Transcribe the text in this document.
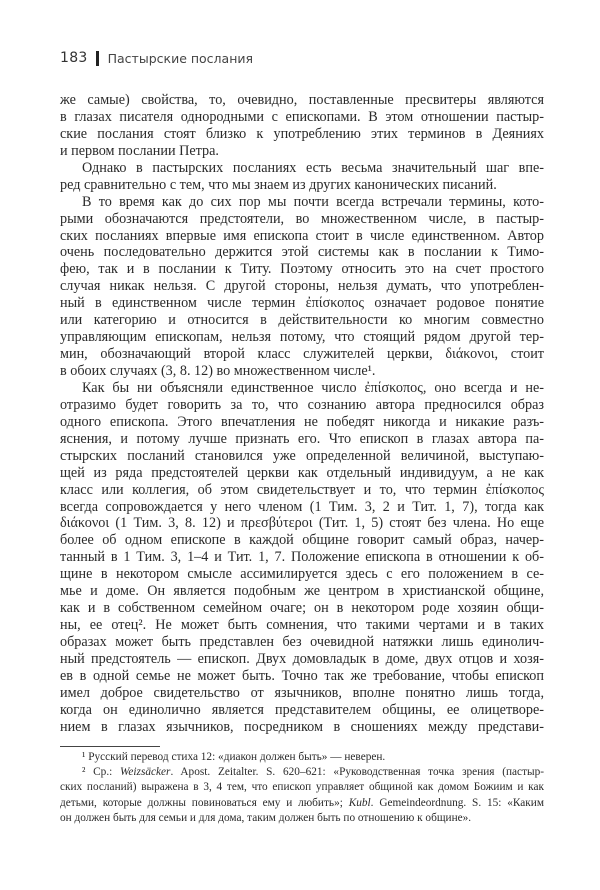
183 Пастырские послания
же самые) свойства, то, очевидно, поставленные пресвитеры являются
в глазах писателя однородными с епископами. В этом отношении пастыр-
ские послания стоят близко к употреблению этих терминов в Деяниях
и первом послании Петра.
Однако в пастырских посланиях есть весьма значительный шаг впе-
ред сравнительно с тем, что мы знаем из других канонических писаний.
В то время как до сих пор мы почти всегда встречали термины, кото-
рыми обозначаются предстоятели, во множественном числе, в пастыр-
ских посланиях впервые имя епископа стоит в числе единственном. Автор
очень последовательно держится этой системы как в послании к Тимо-
фею, так и в послании к Титу. Поэтому относить это на счет простого
случая никак нельзя. С другой стороны, нельзя думать, что употреблен-
ный в единственном числе термин ἐπίσκοπος означает родовое понятие
или категорию и относится в действительности ко многим совместно
управляющим епископам, нельзя потому, что стоящий рядом другой тер-
мин, обозначающий второй класс служителей церкви, διάκονοι, стоит
в обоих случаях (3, 8. 12) во множественном числе¹.
Как бы ни объясняли единственное число ἐπίσκοπος, оно всегда и не-
отразимо будет говорить за то, что сознанию автора предносился образ
одного епископа. Этого впечатления не победят никогда и никакие разъ-
яснения, и потому лучше признать его. Что епископ в глазах автора па-
стырских посланий становился уже определенной величиной, выступаю-
щей из ряда предстоятелей церкви как отдельный индивидуум, а не как
класс или коллегия, об этом свидетельствует и то, что термин ἐπίσκοπος
всегда сопровождается у него членом (1 Тим. 3, 2 и Тит. 1, 7), тогда как
διάκονοι (1 Тим. 3, 8. 12) и πρεσβύτεροι (Тит. 1, 5) стоят без члена. Но еще
более об одном епископе в каждой общине говорит самый образ, начер-
танный в 1 Тим. 3, 1–4 и Тит. 1, 7. Положение епископа в отношении к об-
щине в некотором смысле ассимилируется здесь с его положением в се-
мье и доме. Он является подобным же центром в христианской общине,
как и в собственном семейном очаге; он в некотором роде хозяин общи-
ны, ее отец². Не может быть сомнения, что такими чертами и в таких
образах может быть представлен без очевидной натяжки лишь единолич-
ный предстоятель — епископ. Двух домовладык в доме, двух отцов и хозя-
ев в одной семье не может быть. Точно так же требование, чтобы епископ
имел доброе свидетельство от язычников, вполне понятно лишь тогда,
когда он единолично является представителем общины, ее олицетворе-
нием в глазах язычников, посредником в сношениях между представи-
¹ Русский перевод стиха 12: «диакон должен быть» — неверен.
² Ср.: Weizsäcker. Apost. Zeitalter. S. 620–621: «Руководственная точка зрения (пастыр-
ских посланий) выражена в 3, 4 тем, что епископ управляет общиной как домом Божиим и как
детьми, которые должны повиноваться ему и любить»; Kubl. Gemeindeordnung. S. 15: «Каким
он должен быть для семьи и для дома, таким должен быть по отношению к общине».
